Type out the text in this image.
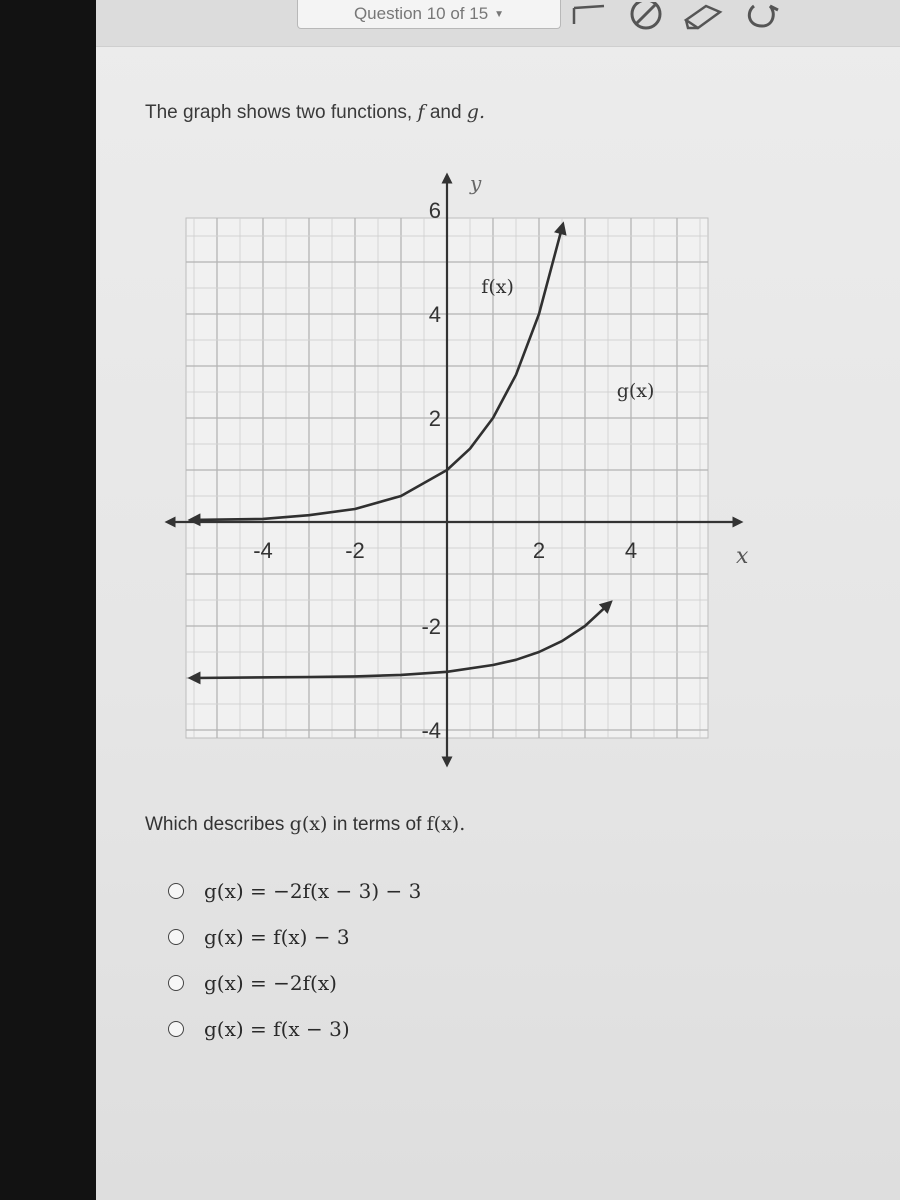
Question 10 of 15 ▼

The graph shows two functions, f and g.

x
y
-4	-2	2	4
6
4
2
-2
-4
f(x)
g(x)

Which describes g(x) in terms of f(x).

g(x) = −2f(x − 3) − 3
g(x) = f(x) − 3
g(x) = −2f(x)
g(x) = f(x − 3)
